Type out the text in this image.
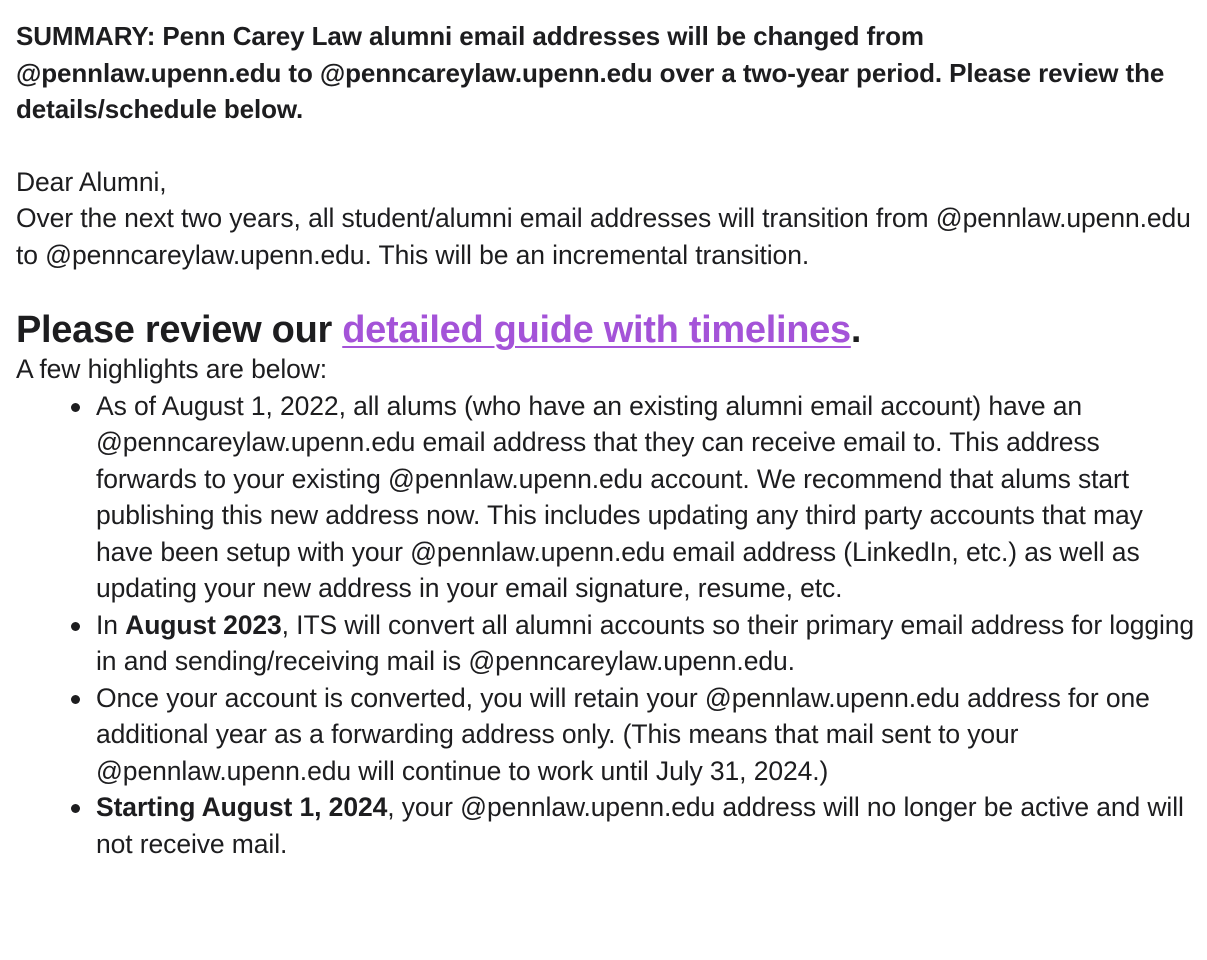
SUMMARY: Penn Carey Law alumni email addresses will be changed from @pennlaw.upenn.edu to @penncareylaw.upenn.edu over a two-year period. Please review the details/schedule below.

Dear Alumni,

Over the next two years, all student/alumni email addresses will transition from @pennlaw.upenn.edu to @penncareylaw.upenn.edu. This will be an incremental transition.

Please review our detailed guide with timelines.

A few highlights are below:

As of August 1, 2022, all alums (who have an existing alumni email account) have an @penncareylaw.upenn.edu email address that they can receive email to. This address forwards to your existing @pennlaw.upenn.edu account. We recommend that alums start publishing this new address now. This includes updating any third party accounts that may have been setup with your @pennlaw.upenn.edu email address (LinkedIn, etc.) as well as updating your new address in your email signature, resume, etc.
In August 2023, ITS will convert all alumni accounts so their primary email address for logging in and sending/receiving mail is @penncareylaw.upenn.edu.
Once your account is converted, you will retain your @pennlaw.upenn.edu address for one additional year as a forwarding address only. (This means that mail sent to your @pennlaw.upenn.edu will continue to work until July 31, 2024.)
Starting August 1, 2024, your @pennlaw.upenn.edu address will no longer be active and will not receive mail.
